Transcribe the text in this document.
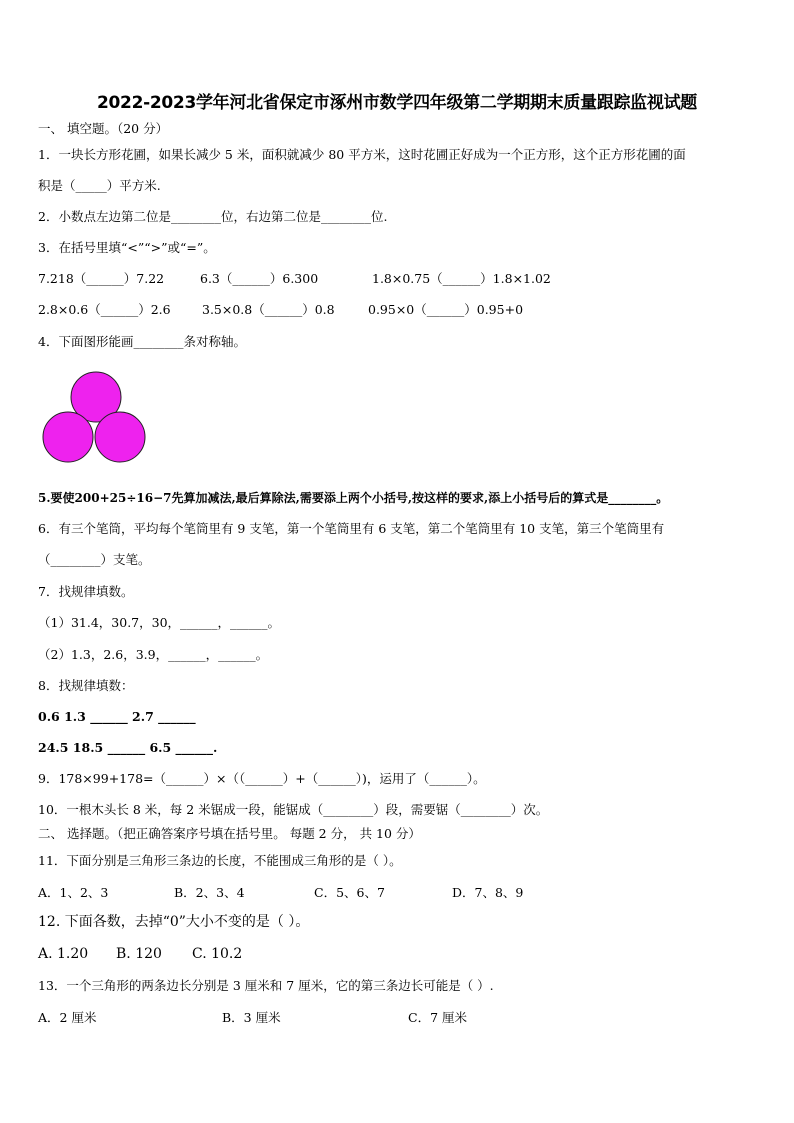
2022-2023学年河北省保定市涿州市数学四年级第二学期期末质量跟踪监视试题
一、 填空题。（20 分）
1．一块长方形花圃，如果长减少 5 米，面积就减少 80 平方米，这时花圃正好成为一个正方形，这个正方形花圃的面
积是（_____）平方米.
2．小数点左边第二位是________位，右边第二位是________位.
3．在括号里填“<”“>”或“=”。
7.218（______）7.22	6.3（______）6.300	1.8×0.75（______）1.8×1.02
2.8×0.6（______）2.6	3.5×0.8（______）0.8	0.95×0（______）0.95+0
4．下面图形能画________条对称轴。
5.要使200+25÷16−7先算加减法,最后算除法,需要添上两个小括号,按这样的要求,添上小括号后的算式是________。
6．有三个笔筒，平均每个笔筒里有 9 支笔，第一个笔筒里有 6 支笔，第二个笔筒里有 10 支笔，第三个笔筒里有
（________）支笔。
7．找规律填数。
（1）31.4，30.7，30，______，______。
（2）1.3，2.6，3.9，______，______。
8．找规律填数：
0.6 1.3 ______ 2.7 ______
24.5 18.5 ______ 6.5 ______.
9．178×99+178=（______）×（（______）+（______）)，运用了（______）。
10．一根木头长 8 米，每 2 米锯成一段，能锯成（________）段，需要锯（________）次。
二、 选择题。（把正确答案序号填在括号里。 每题 2 分， 共 10 分）
11．下面分别是三角形三条边的长度，不能围成三角形的是（ ）。
A．1、2、3	B．2、3、4	C．5、6、7	D．7、8、9
12. 下面各数，去掉“0”大小不变的是（ ）。
A. 1.20 B. 120 C. 10.2
13．一个三角形的两条边长分别是 3 厘米和 7 厘米，它的第三条边长可能是（ ）.
A．2 厘米	B．3 厘米	C．7 厘米
